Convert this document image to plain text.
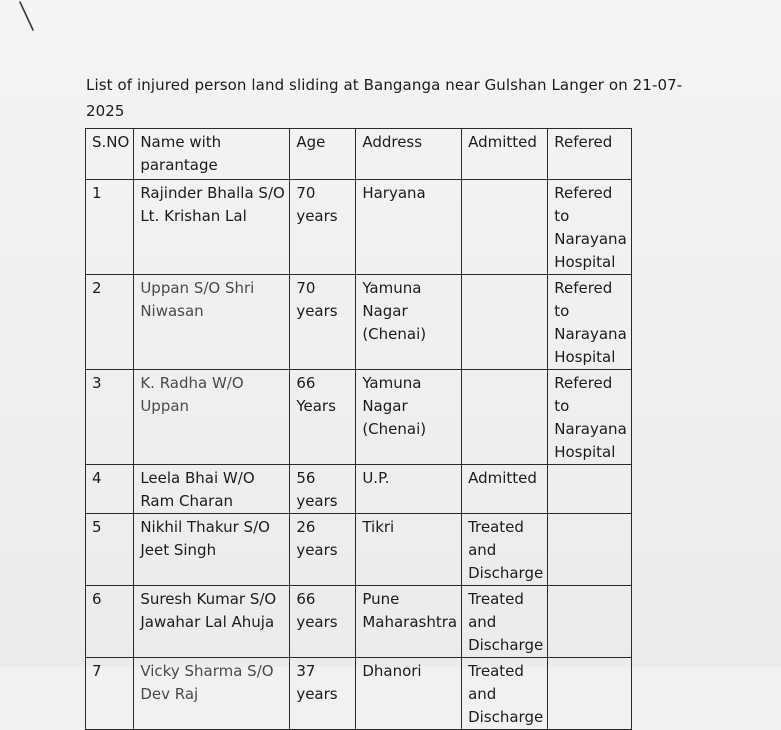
List of injured person land sliding at Banganga near Gulshan Langer on 21-07-2025
S.NO	Name with parantage	Age	Address	Admitted	Refered
1	Rajinder Bhalla S/O Lt. Krishan Lal	70 years	Haryana		Refered to Narayana Hospital
2	Uppan S/O Shri Niwasan	70 years	Yamuna Nagar (Chenai)		Refered to Narayana Hospital
3	K. Radha W/O Uppan	66 Years	Yamuna Nagar (Chenai)		Refered to Narayana Hospital
4	Leela Bhai W/O Ram Charan	56 years	U.P.	Admitted	
5	Nikhil Thakur S/O Jeet Singh	26 years	Tikri	Treated and Discharge	
6	Suresh Kumar S/O Jawahar Lal Ahuja	66 years	Pune Maharashtra	Treated and Discharge	
7	Vicky Sharma S/O Dev Raj	37 years	Dhanori	Treated and Discharge	
